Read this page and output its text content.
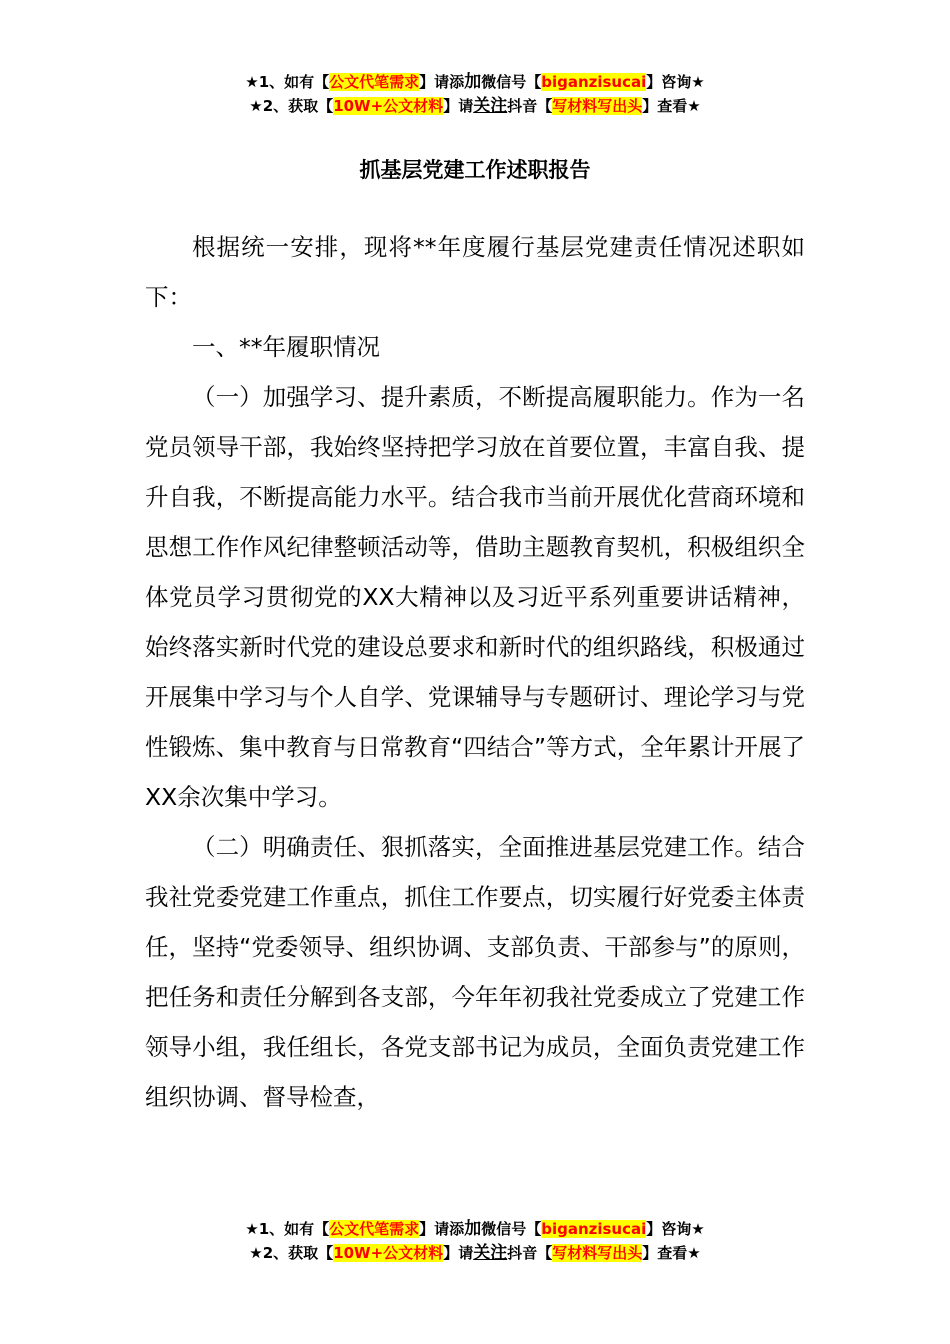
★1、如有【公文代笔需求】请添加微信号【biganzisucai】咨询★
★2、获取【10W+公文材料】请关注抖音【写材料写出头】查看★
抓基层党建工作述职报告

根据统一安排，现将**年度履行基层党建责任情况述职如下：

一、**年履职情况

（一）加强学习、提升素质，不断提高履职能力。作为一名党员领导干部，我始终坚持把学习放在首要位置，丰富自我、提升自我，不断提高能力水平。结合我市当前开展优化营商环境和思想工作作风纪律整顿活动等，借助主题教育契机，积极组织全体党员学习贯彻党的XX大精神以及习近平系列重要讲话精神，始终落实新时代党的建设总要求和新时代的组织路线，积极通过开展集中学习与个人自学、党课辅导与专题研讨、理论学习与党性锻炼、集中教育与日常教育“四结合”等方式，全年累计开展了XX余次集中学习。

（二）明确责任、狠抓落实，全面推进基层党建工作。结合我社党委党建工作重点，抓住工作要点，切实履行好党委主体责任，坚持“党委领导、组织协调、支部负责、干部参与”的原则，把任务和责任分解到各支部，今年年初我社党委成立了党建工作领导小组，我任组长，各党支部书记为成员，全面负责党建工作组织协调、督导检查，

★1、如有【公文代笔需求】请添加微信号【biganzisucai】咨询★
★2、获取【10W+公文材料】请关注抖音【写材料写出头】查看★
